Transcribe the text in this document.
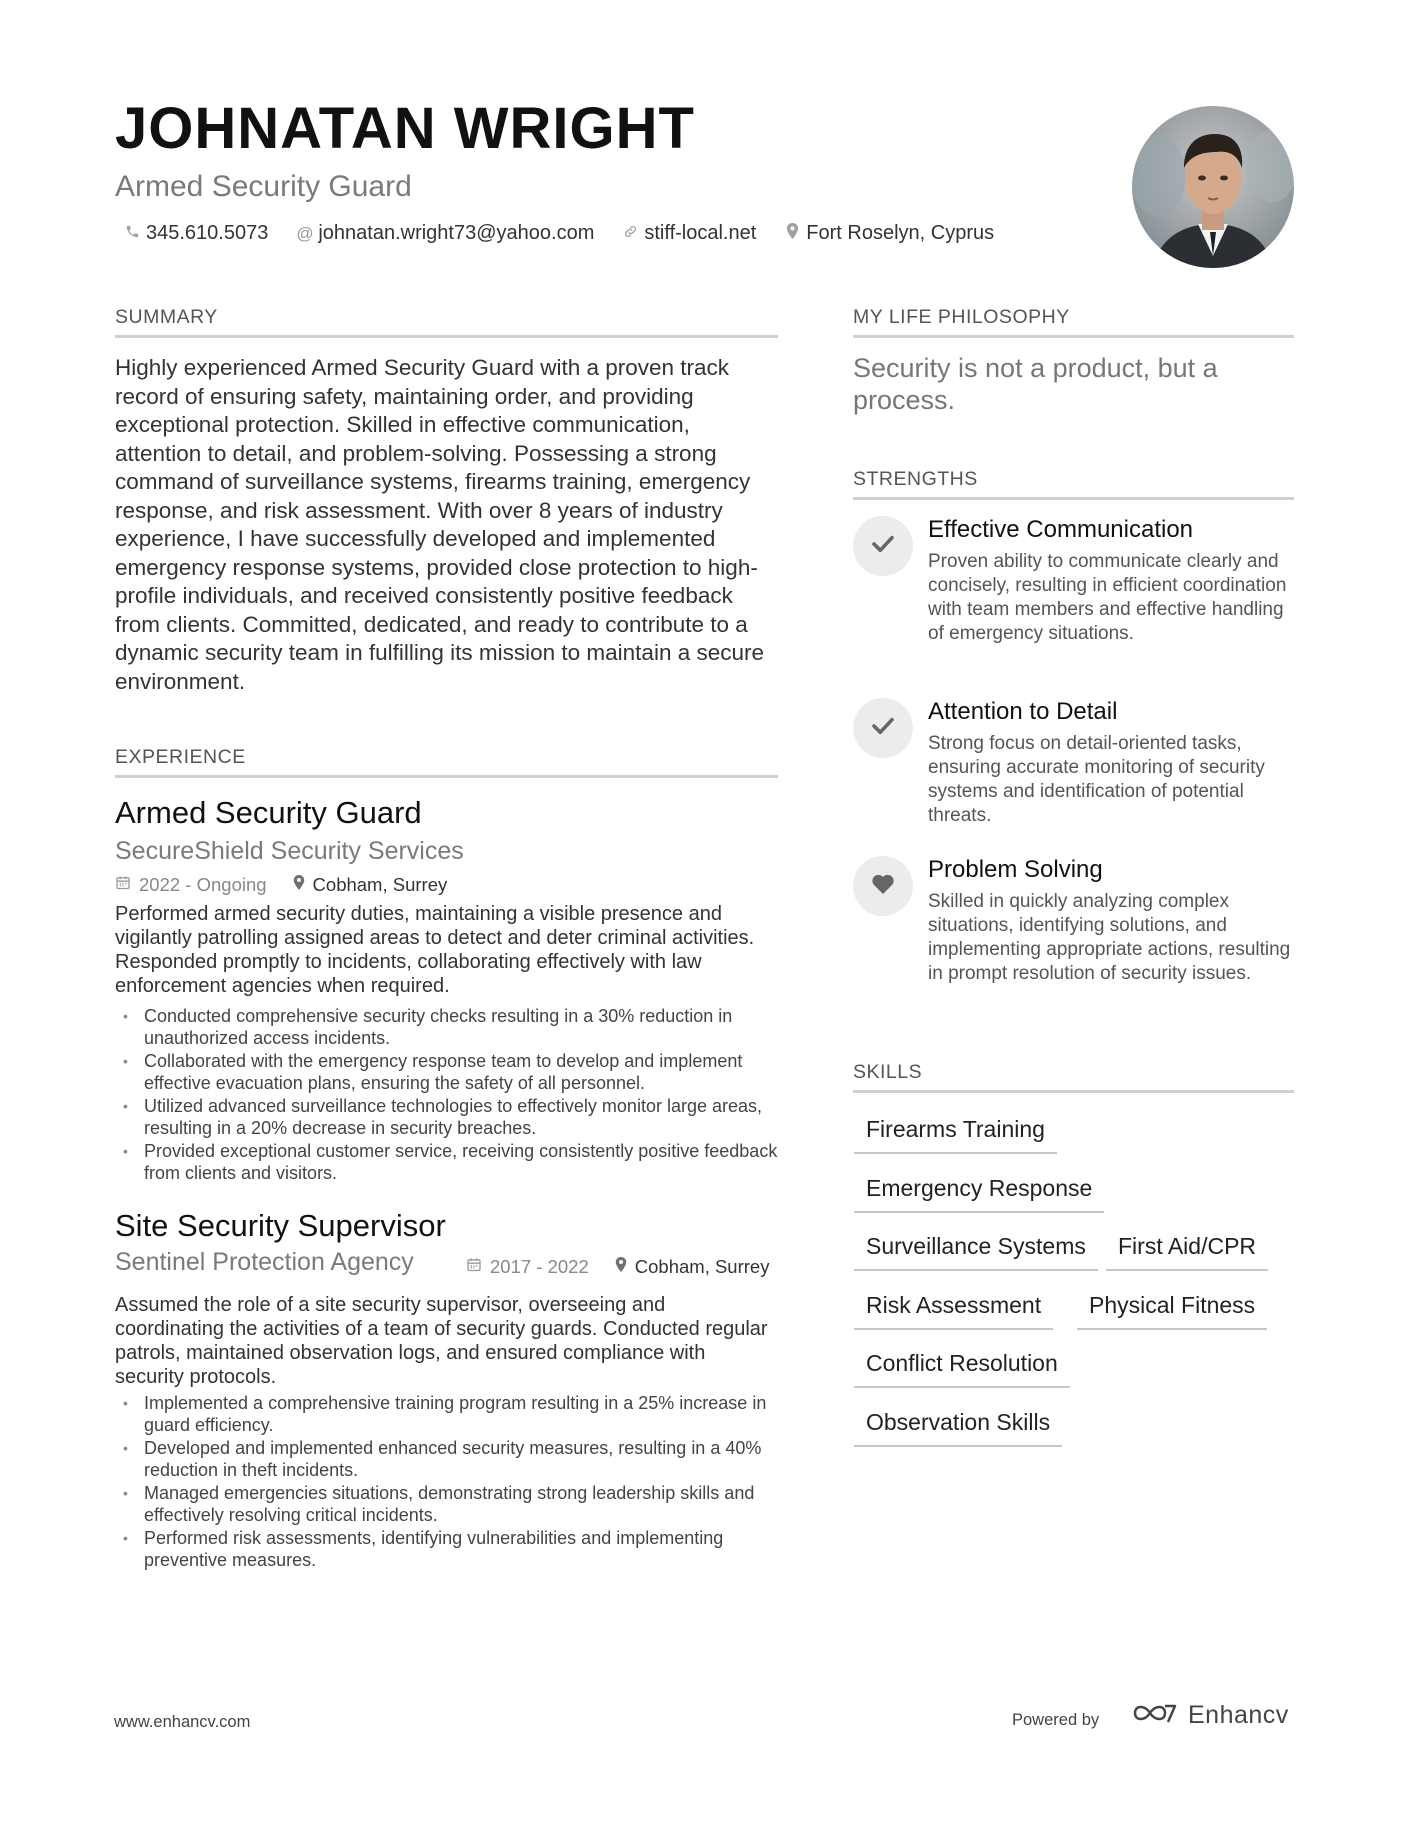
JOHNATAN WRIGHT
Armed Security Guard
345.610.5073 @ johnatan.wright73@yahoo.com	stiff-local.net	Fort Roselyn, Cyprus
SUMMARY
Highly experienced Armed Security Guard with a proven track record of ensuring safety, maintaining order, and providing exceptional protection. Skilled in effective communication, attention to detail, and problem-solving. Possessing a strong command of surveillance systems, firearms training, emergency response, and risk assessment. With over 8 years of industry experience, I have successfully developed and implemented emergency response systems, provided close protection to high-profile individuals, and received consistently positive feedback from clients. Committed, dedicated, and ready to contribute to a dynamic security team in fulfilling its mission to maintain a secure environment.
EXPERIENCE
Armed Security Guard
SecureShield Security Services
2022 - Ongoing Cobham, Surrey
Performed armed security duties, maintaining a visible presence and vigilantly patrolling assigned areas to detect and deter criminal activities. Responded promptly to incidents, collaborating effectively with law enforcement agencies when required.
• Conducted comprehensive security checks resulting in a 30% reduction in unauthorized access incidents.
• Collaborated with the emergency response team to develop and implement effective evacuation plans, ensuring the safety of all personnel.
• Utilized advanced surveillance technologies to effectively monitor large areas, resulting in a 20% decrease in security breaches.
• Provided exceptional customer service, receiving consistently positive feedback from clients and visitors.
Site Security Supervisor
Sentinel Protection Agency	2017 - 2022 Cobham, Surrey
Assumed the role of a site security supervisor, overseeing and coordinating the activities of a team of security guards. Conducted regular patrols, maintained observation logs, and ensured compliance with security protocols.
• Implemented a comprehensive training program resulting in a 25% increase in guard efficiency.
• Developed and implemented enhanced security measures, resulting in a 40% reduction in theft incidents.
• Managed emergencies situations, demonstrating strong leadership skills and effectively resolving critical incidents.
• Performed risk assessments, identifying vulnerabilities and implementing preventive measures.
MY LIFE PHILOSOPHY
Security is not a product, but a process.
STRENGTHS
Effective Communication
Proven ability to communicate clearly and concisely, resulting in efficient coordination with team members and effective handling of emergency situations.
Attention to Detail
Strong focus on detail-oriented tasks, ensuring accurate monitoring of security systems and identification of potential threats.
Problem Solving
Skilled in quickly analyzing complex situations, identifying solutions, and implementing appropriate actions, resulting in prompt resolution of security issues.
SKILLS
Firearms Training
Emergency Response
Surveillance Systems	First Aid/CPR
Risk Assessment	Physical Fitness
Conflict Resolution
Observation Skills
www.enhancv.com	Powered by	Enhancv
